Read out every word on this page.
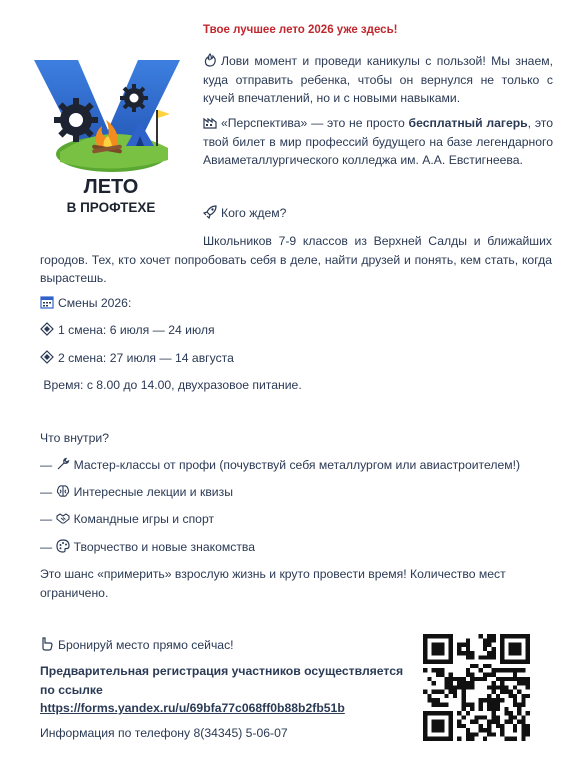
ЛЕТО
В ПРОФТЕХЕ
Твое лучшее лето 2026 уже здесь!
Лови момент и проведи каникулы с пользой! Мы знаем, куда отправить ребенка, чтобы он вернулся не только с кучей впечатлений, но и с новыми навыками.
«Перспектива» — это не просто бесплатный лагерь, это твой билет в мир профессий будущего на базе легендарного Авиаметаллургического колледжа им. А.А. Евстигнеева.
Кого ждем?
Школьников 7-9 классов из Верхней Салды и ближайших городов. Тех, кто хочет попробовать себя в деле, найти друзей и понять, кем стать, когда вырастешь.
Смены 2026:
1 смена: 6 июля — 24 июля
2 смена: 27 июля — 14 августа
Время: с 8.00 до 14.00, двухразовое питание.
Что внутри?
— Мастер-классы от профи (почувствуй себя металлургом или авиастроителем!)
— Интересные лекции и квизы
— Командные игры и спорт
— Творчество и новые знакомства
Это шанс «примерить» взрослую жизнь и круто провести время! Количество мест ограничено.
Бронируй место прямо сейчас!
Предварительная регистрация участников осуществляется по ссылке
https://forms.yandex.ru/u/69bfa77c068ff0b88b2fb51b
Информация по телефону 8(34345) 5-06-07
